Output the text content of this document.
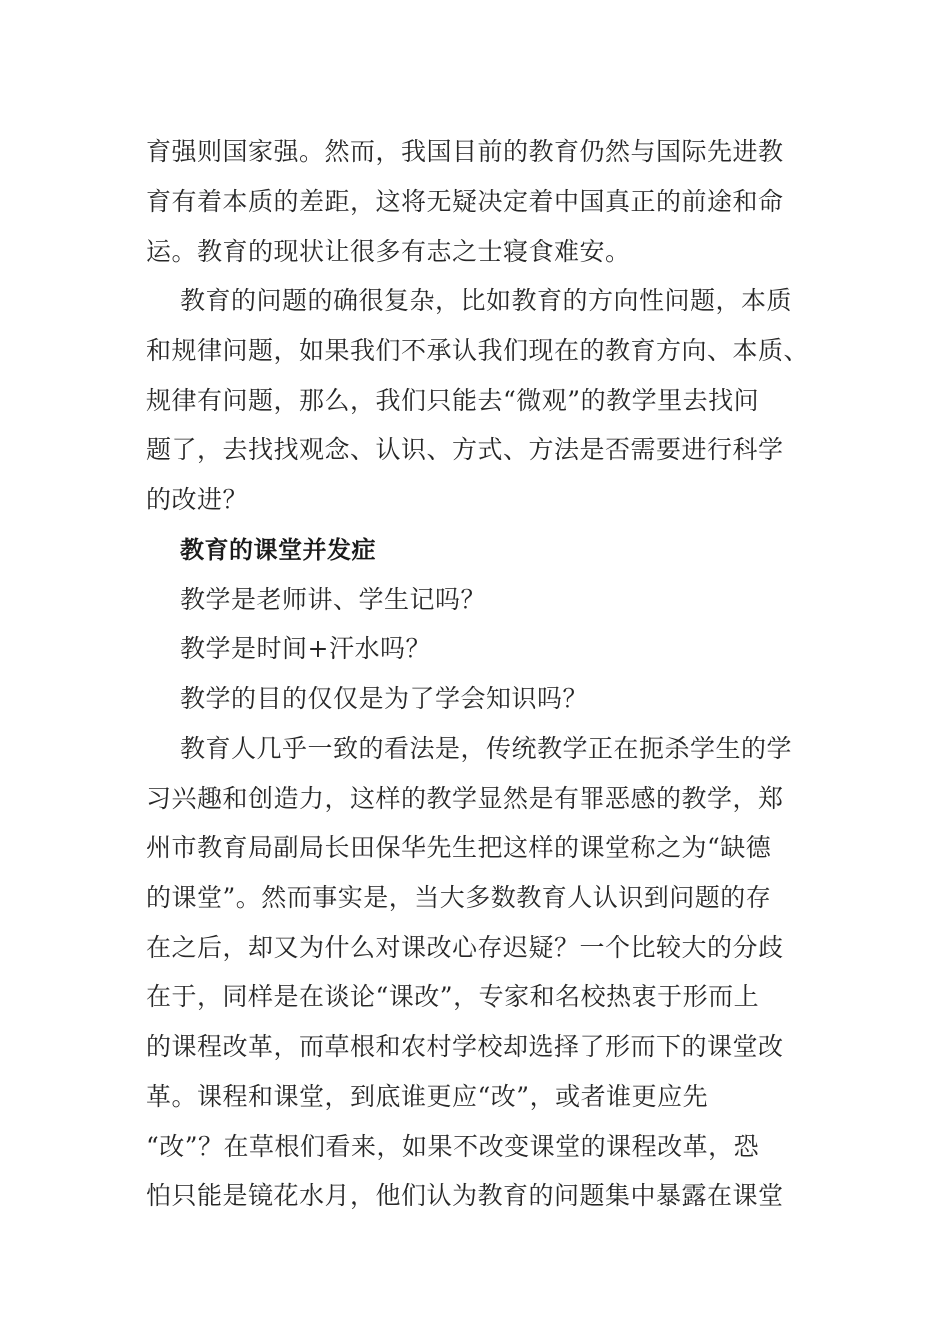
育强则国家强。然而，我国目前的教育仍然与国际先进教
育有着本质的差距，这将无疑决定着中国真正的前途和命
运。教育的现状让很多有志之士寝食难安。
教育的问题的确很复杂，比如教育的方向性问题，本质
和规律问题，如果我们不承认我们现在的教育方向、本质、
规律有问题，那么，我们只能去“微观”的教学里去找问
题了，去找找观念、认识、方式、方法是否需要进行科学
的改进？
教育的课堂并发症
教学是老师讲、学生记吗？
教学是时间+汗水吗？
教学的目的仅仅是为了学会知识吗？
教育人几乎一致的看法是，传统教学正在扼杀学生的学
习兴趣和创造力，这样的教学显然是有罪恶感的教学，郑
州市教育局副局长田保华先生把这样的课堂称之为“缺德
的课堂”。然而事实是，当大多数教育人认识到问题的存
在之后，却又为什么对课改心存迟疑？一个比较大的分歧
在于，同样是在谈论“课改”，专家和名校热衷于形而上
的课程改革，而草根和农村学校却选择了形而下的课堂改
革。课程和课堂，到底谁更应“改”，或者谁更应先
“改”？在草根们看来，如果不改变课堂的课程改革，恐
怕只能是镜花水月，他们认为教育的问题集中暴露在课堂
